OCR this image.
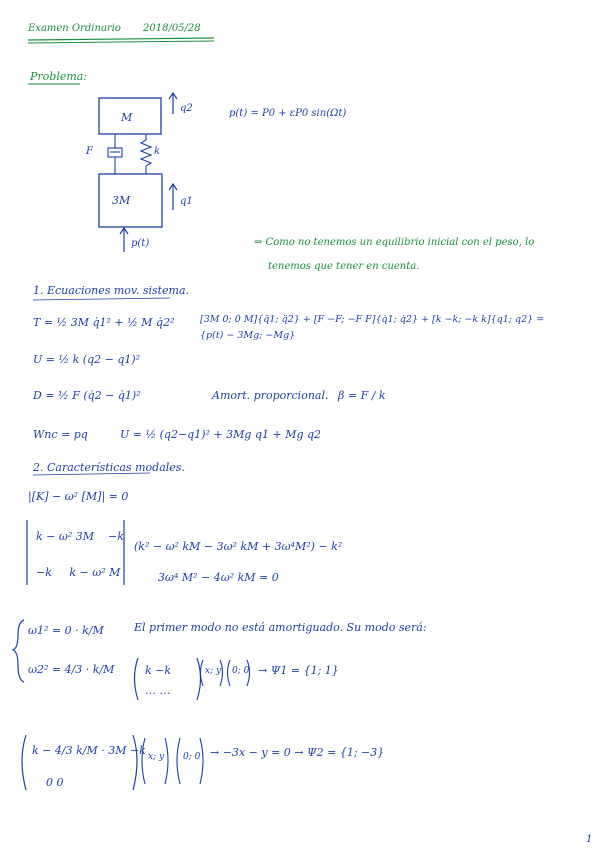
Examen Ordinario 2018/05/28
Problema:
M
3M
F	k
q2
q1
p(t)
p(t) = P0 + εP0 sin(Ωt)
⇒ Como no tenemos un equilibrio inicial con el peso, lo
tenemos que tener en cuenta.
1. Ecuaciones mov. sistema.
T = ½ 3M q̇1² + ½ M q̇2²
U = ½ k (q2 − q1)²
D = ½ F (q̇2 − q̇1)²	Amort. proporcional. β = F / k
Wnc = pq	U = ½ (q2−q1)² + 3Mg q1 + Mg q2
[3M 0; 0 M]{q̈1; q̈2} + [F −F; −F F]{q̇1; q̇2} + [k −k; −k k]{q1; q2} = {p(t) − 3Mg; −Mg}
2. Características modales.
|[K] − ω² [M]| = 0
k − ω² 3M    −k
−k     k − ω² M
(k² − ω² kM − 3ω² kM + 3ω⁴M²) − k²
3ω⁴ M² − 4ω² kM = 0
ω1² = 0 · k/M
ω2² = 4/3 · k/M
El primer modo no está amortiguado. Su modo será:
k −k
… …
x; y 0; 0 → Ψ1 = {1; 1}
k − 4/3 k/M · 3M −k
0 0
x; y 0; 0 → −3x − y = 0 → Ψ2 = {1; −3}
1
